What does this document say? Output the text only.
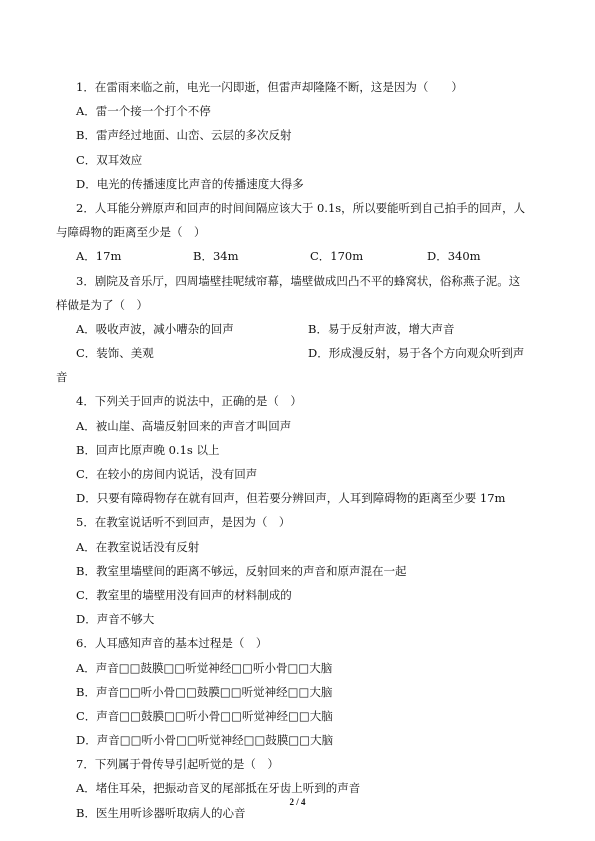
1．在雷雨来临之前，电光一闪即逝，但雷声却隆隆不断，这是因为（　　）
A．雷一个接一个打个不停
B．雷声经过地面、山峦、云层的多次反射
C．双耳效应
D．电光的传播速度比声音的传播速度大得多
2．人耳能分辨原声和回声的时间间隔应该大于 0.1s，所以要能听到自己拍手的回声，人
与障碍物的距离至少是（　）
A．17m	B．34m	C．170m	D．340m
3．剧院及音乐厅，四周墙壁挂呢绒帘幕，墙壁做成凹凸不平的蜂窝状，俗称燕子泥。这
样做是为了（　）
A．吸收声波，减小嘈杂的回声	B．易于反射声波，增大声音
C．装饰、美观	D．形成漫反射，易于各个方向观众听到声
音
4．下列关于回声的说法中，正确的是（　）
A．被山崖、高墙反射回来的声音才叫回声
B．回声比原声晚 0.1s 以上
C．在较小的房间内说话，没有回声
D．只要有障碍物存在就有回声，但若要分辨回声，人耳到障碍物的距离至少要 17m
5．在教室说话听不到回声，是因为（　）
A．在教室说话没有反射
B．教室里墙壁间的距离不够远，反射回来的声音和原声混在一起
C．教室里的墙壁用没有回声的材料制成的
D．声音不够大
6．人耳感知声音的基本过程是（　）
A．声音□□鼓膜□□听觉神经□□听小骨□□大脑
B．声音□□听小骨□□鼓膜□□听觉神经□□大脑
C．声音□□鼓膜□□听小骨□□听觉神经□□大脑
D．声音□□听小骨□□听觉神经□□鼓膜□□大脑
7．下列属于骨传导引起听觉的是（　）
A．堵住耳朵，把振动音叉的尾部抵在牙齿上听到的声音
B．医生用听诊器听取病人的心音
2 / 4
